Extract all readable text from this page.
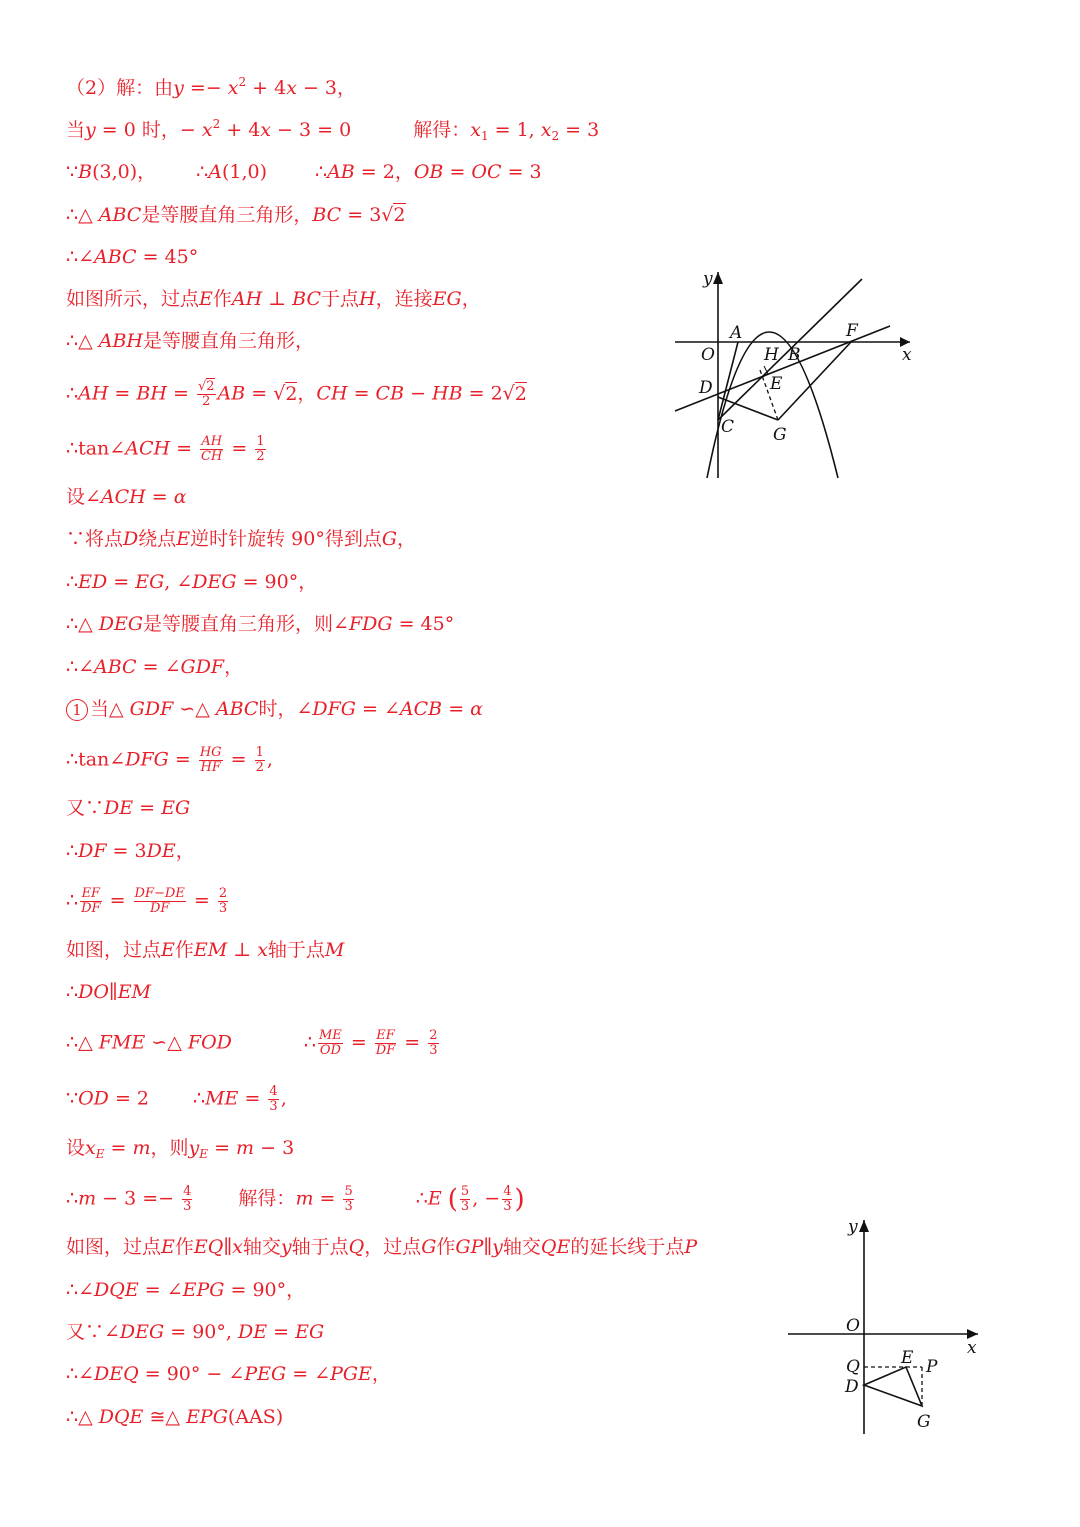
（2）解：由$y =- x^2 + 4x - 3$，
当y = 0 时，− $x^2 + 4x - 3 = 0$	解得：$x_1 = 1$, $x_2 = 3$
∵B(3,0)， ∴A(1,0)	∴AB = 2，OB = OC = 3
∴△ ABC是等腰直角三角形，BC = 3√2
∴∠ABC = 45°
如图所示，过点E作AH ⊥ BC于点H，连接EG，
∴△ ABH是等腰直角三角形，
∴AH = BH = $\frac{√2}{2}$ AB = √2，CH = CB − HB = 2√2
∴tan∠ACH = $\frac{AH}{CH} = \frac{1}{2}$
设∠ACH = α
∵将点D绕点E逆时针旋转 90°得到点G，
∴ED = EG, ∠DEG = 90°，
∴△ DEG是等腰直角三角形，则∠FDG = 45°
∴∠ABC = ∠GDF，
1 当△ GDF ∽△ ABC时，∠DFG = ∠ACB = α
∴tan∠DFG = $\frac{HG}{HF} = \frac{1}{2}$ ,
又∵DE = EG
∴DF = 3DE，
∴ $\frac{EF}{DF} = \frac{DF-DE}{DF} = \frac{2}{3}$
如图，过点E作EM ⊥ x轴于点M
∴DO∥EM
∴△ FME ∽△ FOD	∴ $\frac{ME}{OD} = \frac{EF}{DF} = \frac{2}{3}$
∵OD = 2 ∴ME = $\frac{4}{3}$ ,
设$x_E = m$，则$y_E = m - 3$
∴m − $3 =- \frac{4}{3}$ 解得：$m = \frac{5}{3}$	∴E ( $\frac{5}{3}$ , − $\frac{4}{3}$ )
如图，过点E作EQ∥x轴交y轴于点Q，过点G作GP∥y轴交QE的延长线于点P
∴∠DQE = ∠EPG = 90°，
又∵∠DEG = 90°, DE = EG
∴∠DEQ = 90° − ∠PEG = ∠PGE，
∴△ DQE ≅△ EPG(AAS)
y
x
O
A
H B
F
D	E
C G
y
x
O
Q E P
D
G
